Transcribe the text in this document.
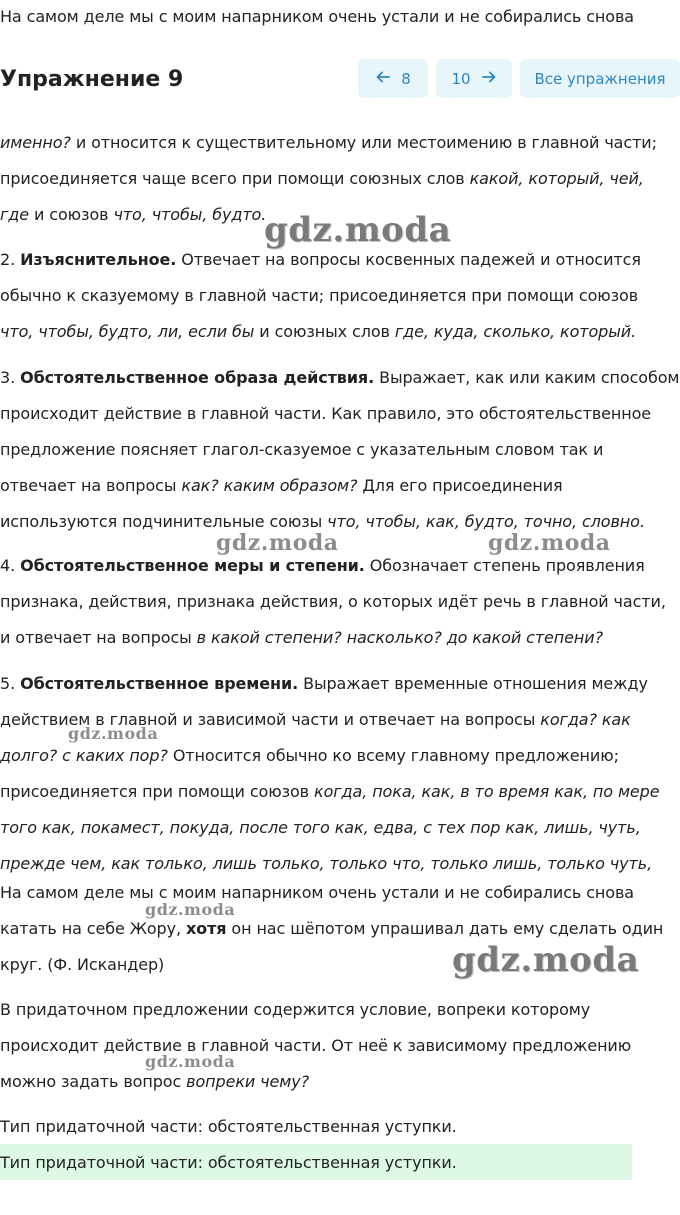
именно? и относится к существительному или местоимению в главной части;
присоединяется чаще всего при помощи союзных слов какой, который, чей,
где и союзов что, чтобы, будто.
2. Изъяснительное. Отвечает на вопросы косвенных падежей и относится
обычно к сказуемому в главной части; присоединяется при помощи союзов
что, чтобы, будто, ли, если бы и союзных слов где, куда, сколько, который.
3. Обстоятельственное образа действия. Выражает, как или каким способом
происходит действие в главной части. Как правило, это обстоятельственное
предложение поясняет глагол-сказуемое с указательным словом так и
отвечает на вопросы как? каким образом? Для его присоединения
используются подчинительные союзы что, чтобы, как, будто, точно, словно.
4. Обстоятельственное меры и степени. Обозначает степень проявления
признака, действия, признака действия, о которых идёт речь в главной части,
и отвечает на вопросы в какой степени? насколько? до какой степени?
5. Обстоятельственное времени. Выражает временные отношения между
действием в главной и зависимой части и отвечает на вопросы когда? как
долго? с каких пор? Относится обычно ко всему главному предложению;
присоединяется при помощи союзов когда, пока, как, в то время как, по мере
того как, покамест, покуда, после того как, едва, с тех пор как, лишь, чуть,
прежде чем, как только, лишь только, только что, только лишь, только чуть,
На самом деле мы с моим напарником очень устали и не собирались снова
катать на себе Жору, хотя он нас шёпотом упрашивал дать ему сделать один
круг. (Ф. Искандер)
В придаточном предложении содержится условие, вопреки которому
происходит действие в главной части. От неё к зависимому предложению
можно задать вопрос вопреки чему?
Тип придаточной части: обстоятельственная уступки.
Тип придаточной части: обстоятельственная уступки.
На самом деле мы с моим напарником очень устали и не собирались снова
Упражнение 9	8	10	Все упражнения
gdz.moda
gdz.moda	gdz.moda
gdz.moda
gdz.moda
gdz.moda
gdz.moda
